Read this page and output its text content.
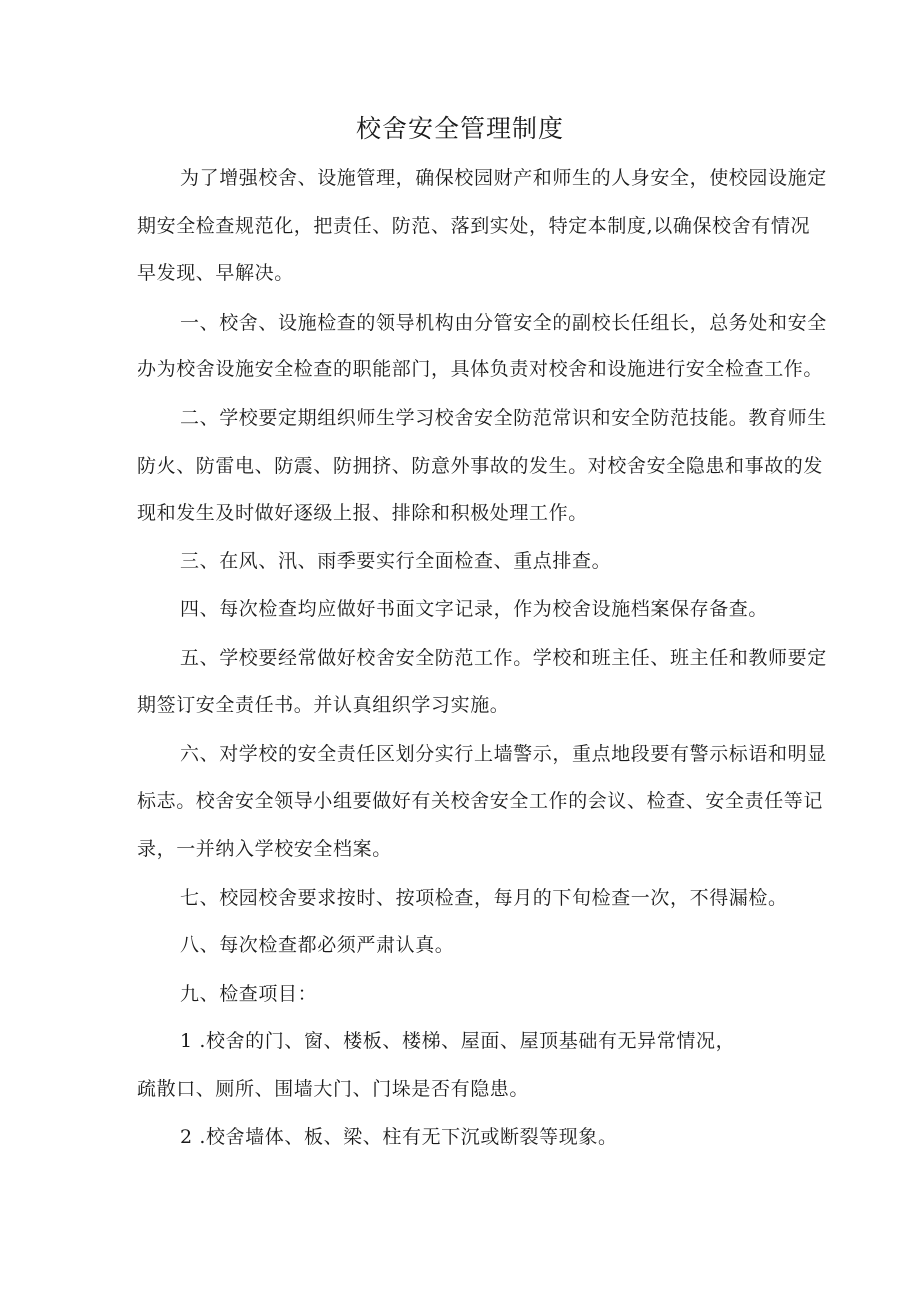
校舍安全管理制度
为了增强校舍、设施管理，确保校园财产和师生的人身安全，使校园设施定
期安全检查规范化，把责任、防范、落到实处，特定本制度,以确保校舍有情况
早发现、早解决。
一、校舍、设施检查的领导机构由分管安全的副校长任组长，总务处和安全
办为校舍设施安全检查的职能部门，具体负责对校舍和设施进行安全检查工作。
二、学校要定期组织师生学习校舍安全防范常识和安全防范技能。教育师生
防火、防雷电、防震、防拥挤、防意外事故的发生。对校舍安全隐患和事故的发
现和发生及时做好逐级上报、排除和积极处理工作。
三、在风、汛、雨季要实行全面检查、重点排查。
四、每次检查均应做好书面文字记录，作为校舍设施档案保存备查。
五、学校要经常做好校舍安全防范工作。学校和班主任、班主任和教师要定
期签订安全责任书。并认真组织学习实施。
六、对学校的安全责任区划分实行上墙警示，重点地段要有警示标语和明显
标志。校舍安全领导小组要做好有关校舍安全工作的会议、检查、安全责任等记
录，一并纳入学校安全档案。
七、校园校舍要求按时、按项检查，每月的下旬检查一次，不得漏检。
八、每次检查都必须严肃认真。
九、检查项目：
1 .校舍的门、窗、楼板、楼梯、屋面、屋顶基础有无异常情况，
疏散口、厕所、围墙大门、门垛是否有隐患。
2 .校舍墙体、板、梁、柱有无下沉或断裂等现象。
